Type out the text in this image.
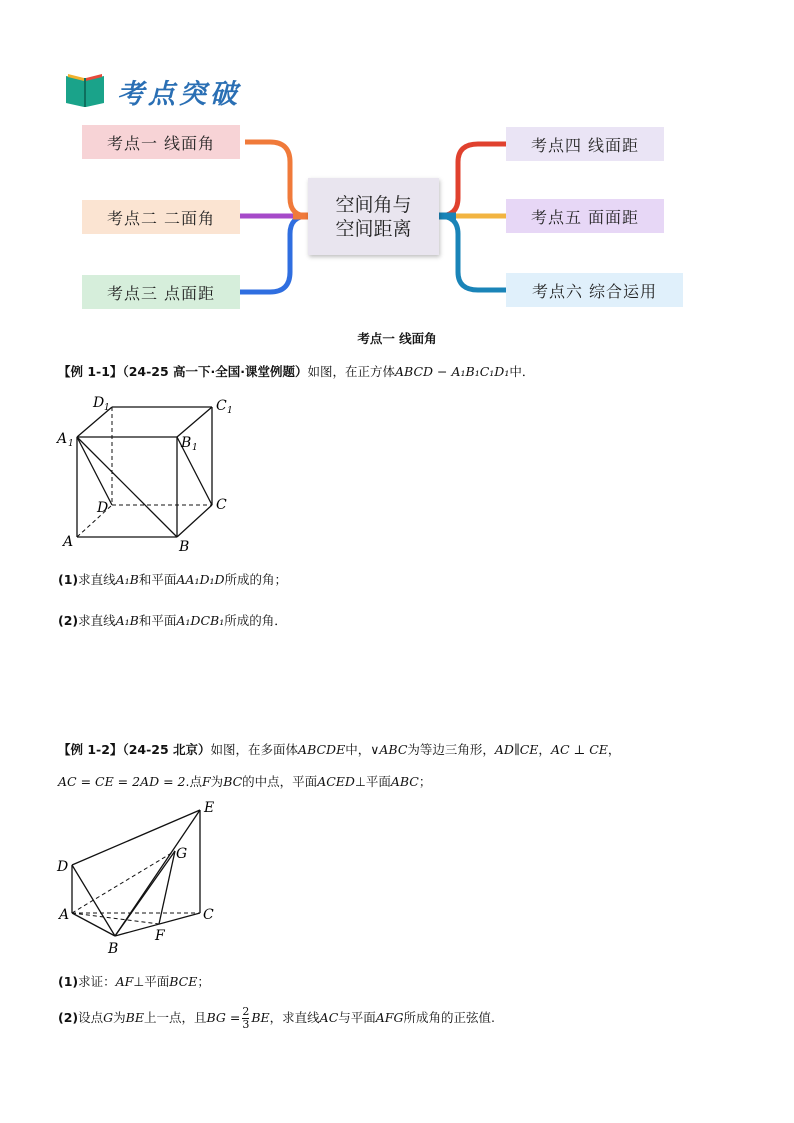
考点突破
考点一 线面角
考点二 二面角
考点三 点面距
空间角与
空间距离
考点四 线面距
考点五 面面距
考点六 综合运用
考点一 线面角
【例 1-1】（24-25 高一下·全国·课堂例题）如图，在正方体ABCD − A₁B₁C₁D₁中．
D 1	C 1
A 1	B 1
D	C
A	B
(1)求直线A₁B和平面AA₁D₁D所成的角；
(2)求直线A₁B和平面A₁DCB₁所成的角．
【例 1-2】（24-25 北京）如图，在多面体ABCDE中，∨ABC为等边三角形，AD∥CE，AC ⊥ CE，
AC = CE = 2AD = 2.点F为BC的中点，平面ACED⊥平面ABC；
E
D
G
A	C
B
F
(1)求证：AF⊥平面BCE；
(2)设点G为BE上一点，且BG = $\frac{2}{3}$ BE，求直线AC与平面AFG所成角的正弦值.
